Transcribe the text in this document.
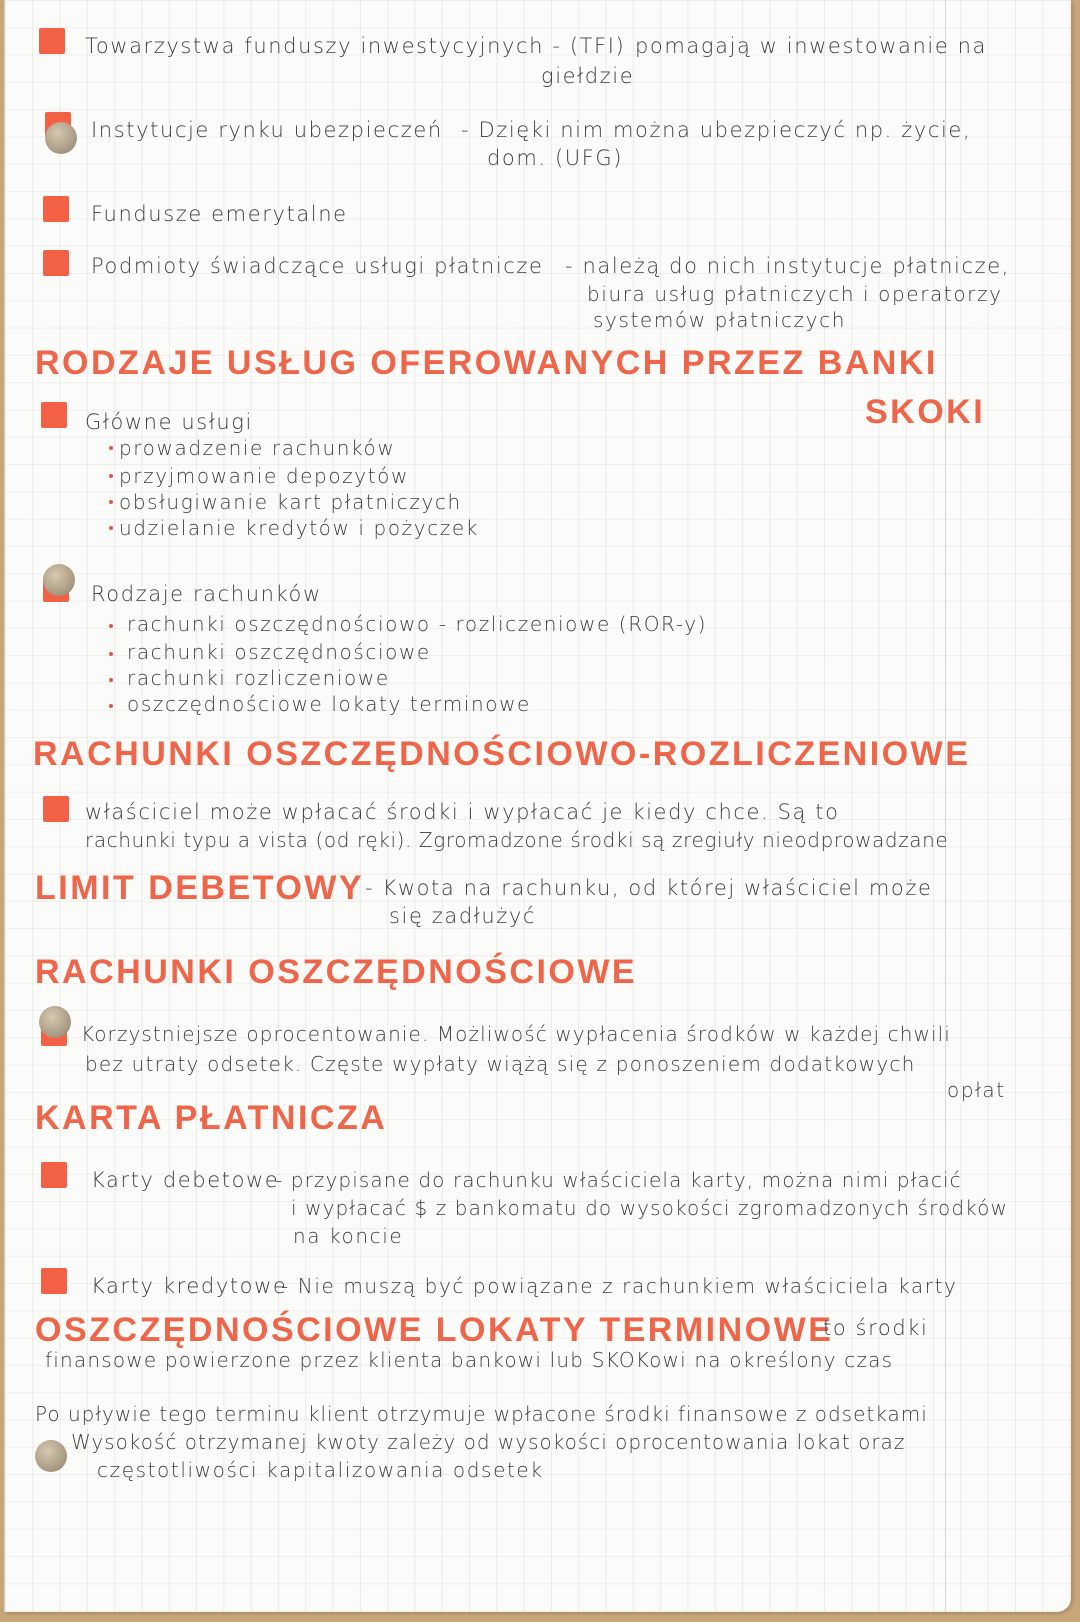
Towarzystwa funduszy inwestycyjnych - (TFI) pomagają w inwestowanie na
giełdzie
Instytucje rynku ubezpieczeń - Dzięki nim można ubezpieczyć np. życie,
dom. (UFG)
Fundusze emerytalne
Podmioty świadczące usługi płatnicze - należą do nich instytucje płatnicze,
biura usług płatniczych i operatorzy
systemów płatniczych
RODZAJE USŁUG OFEROWANYCH PRZEZ BANKI
SKOKI
Główne usługi
prowadzenie rachunków
przyjmowanie depozytów
obsługiwanie kart płatniczych
udzielanie kredytów i pożyczek
Rodzaje rachunków
rachunki oszczędnościowo - rozliczeniowe (ROR-y)
rachunki oszczędnościowe
rachunki rozliczeniowe
oszczędnościowe lokaty terminowe
RACHUNKI OSZCZĘDNOŚCIOWO-ROZLICZENIOWE
właściciel może wpłacać środki i wypłacać je kiedy chce. Są to
rachunki typu a vista (od ręki). Zgromadzone środki są zregiuły nieodprowadzane
LIMIT DEBETOWY - Kwota na rachunku, od której właściciel może
się zadłużyć
RACHUNKI OSZCZĘDNOŚCIOWE
Korzystniejsze oprocentowanie. Możliwość wypłacenia środków w każdej chwili
bez utraty odsetek. Częste wypłaty wiążą się z ponoszeniem dodatkowych
opłat
KARTA PŁATNICZA
Karty debetowe
- przypisane do rachunku właściciela karty, można nimi płacić
i wypłacać $ z bankomatu do wysokości zgromadzonych środków
na koncie
Karty kredytowe
- Nie muszą być powiązane z rachunkiem właściciela karty
OSZCZĘDNOŚCIOWE LOKATY TERMINOWE
to środki
finansowe powierzone przez klienta bankowi lub SKOKowi na określony czas
Po upływie tego terminu klient otrzymuje wpłacone środki finansowe z odsetkami
Wysokość otrzymanej kwoty zależy od wysokości oprocentowania lokat oraz
częstotliwości kapitalizowania odsetek
